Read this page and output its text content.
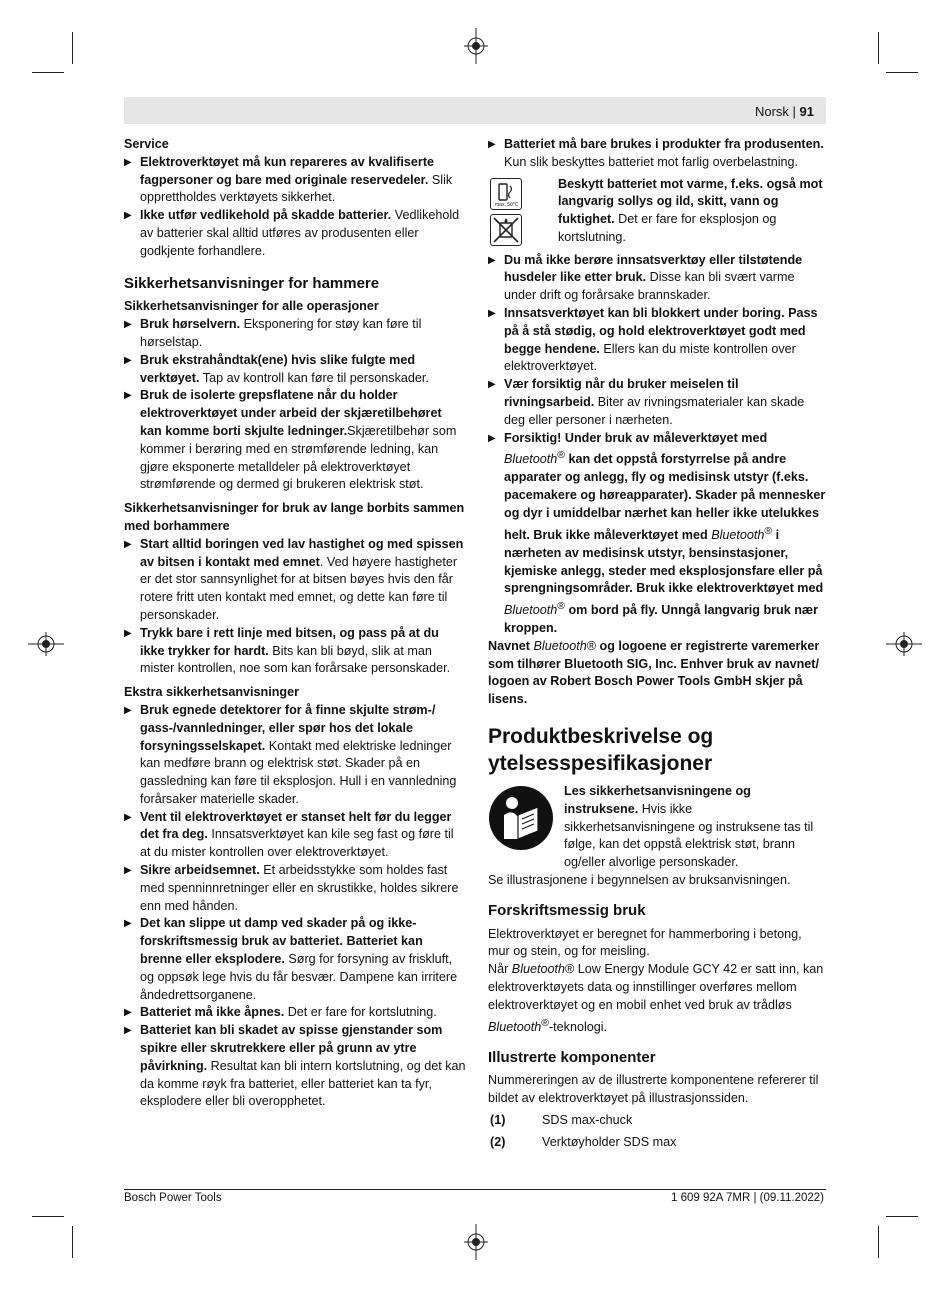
Norsk | 91

Service

▶ Elektroverktøyet må kun repareres av kvalifiserte fagpersoner og bare med originale reservedeler. Slik opprettholdes verktøyets sikkerhet.
▶ Ikke utfør vedlikehold på skadde batterier. Vedlikehold av batterier skal alltid utføres av produsenten eller godkjente forhandlere.

Sikkerhetsanvisninger for hammere

Sikkerhetsanvisninger for alle operasjoner

▶ Bruk hørselvern. Eksponering for støy kan føre til hørselstap.
▶ Bruk ekstrahåndtak(ene) hvis slike fulgte med verktøyet. Tap av kontroll kan føre til personskader.
▶ Bruk de isolerte grepsflatene når du holder elektroverktøyet under arbeid der skjæretilbehøret kan komme borti skjulte ledninger.Skjæretilbehør som kommer i berøring med en strømførende ledning, kan gjøre eksponerte metalldeler på elektroverktøyet strømførende og dermed gi brukeren elektrisk støt.

Sikkerhetsanvisninger for bruk av lange borbits sammen med borhammere

▶ Start alltid boringen ved lav hastighet og med spissen av bitsen i kontakt med emnet. Ved høyere hastigheter er det stor sannsynlighet for at bitsen bøyes hvis den får rotere fritt uten kontakt med emnet, og dette kan føre til personskader.
▶ Trykk bare i rett linje med bitsen, og pass på at du ikke trykker for hardt. Bits kan bli bøyd, slik at man mister kontrollen, noe som kan forårsake personskader.

Ekstra sikkerhetsanvisninger

▶ Bruk egnede detektorer for å finne skjulte strøm-/ gass-/vannledninger, eller spør hos det lokale forsyningsselskapet. Kontakt med elektriske ledninger kan medføre brann og elektrisk støt. Skader på en gassledning kan føre til eksplosjon. Hull i en vannledning forårsaker materielle skader.
▶ Vent til elektroverktøyet er stanset helt før du legger det fra deg. Innsatsverktøyet kan kile seg fast og føre til at du mister kontrollen over elektroverktøyet.
▶ Sikre arbeidsemnet. Et arbeidsstykke som holdes fast med spenninnretninger eller en skrustikke, holdes sikrere enn med hånden.
▶ Det kan slippe ut damp ved skader på og ikke-forskriftsmessig bruk av batteriet. Batteriet kan brenne eller eksplodere. Sørg for forsyning av friskluft, og oppsøk lege hvis du får besvær. Dampene kan irritere åndedrettsorganene.
▶ Batteriet må ikke åpnes. Det er fare for kortslutning.
▶ Batteriet kan bli skadet av spisse gjenstander som spikre eller skrutrekkere eller på grunn av ytre påvirkning. Resultat kan bli intern kortslutning, og det kan da komme røyk fra batteriet, eller batteriet kan ta fyr, eksplodere eller bli overopphetet.
▶ Batteriet må bare brukes i produkter fra produsenten. Kun slik beskyttes batteriet mot farlig overbelastning.
max. 50°C
Beskytt batteriet mot varme, f.eks. også mot langvarig sollys og ild, skitt, vann og fuktighet. Det er fare for eksplosjon og kortslutning.
▶ Du må ikke berøre innsatsverktøy eller tilstøtende husdeler like etter bruk. Disse kan bli svært varme under drift og forårsake brannskader.
▶ Innsatsverktøyet kan bli blokkert under boring. Pass på å stå stødig, og hold elektroverktøyet godt med begge hendene. Ellers kan du miste kontrollen over elektroverktøyet.
▶ Vær forsiktig når du bruker meiselen til rivningsarbeid. Biter av rivningsmaterialer kan skade deg eller personer i nærheten.
▶ Forsiktig! Under bruk av måleverktøyet med Bluetooth® kan det oppstå forstyrrelse på andre apparater og anlegg, fly og medisinsk utstyr (f.eks. pacemakere og høreapparater). Skader på mennesker og dyr i umiddelbar nærhet kan heller ikke utelukkes helt. Bruk ikke måleverktøyet med Bluetooth® i nærheten av medisinsk utstyr, bensinstasjoner, kjemiske anlegg, steder med eksplosjonsfare eller på sprengningsområder. Bruk ikke elektroverktøyet med Bluetooth® om bord på fly. Unngå langvarig bruk nær kroppen.

Navnet Bluetooth® og logoene er registrerte varemerker som tilhører Bluetooth SIG, Inc. Enhver bruk av navnet/ logoen av Robert Bosch Power Tools GmbH skjer på lisens.

Produktbeskrivelse og ytelsesspesifikasjoner

Les sikkerhetsanvisningene og instruksene. Hvis ikke sikkerhetsanvisningene og instruksene tas til følge, kan det oppstå elektrisk støt, brann og/eller alvorlige personskader.

Se illustrasjonene i begynnelsen av bruksanvisningen.

Forskriftsmessig bruk

Elektroverktøyet er beregnet for hammerboring i betong, mur og stein, og for meisling.

Når Bluetooth® Low Energy Module GCY 42 er satt inn, kan elektroverktøyets data og innstillinger overføres mellom elektroverktøyet og en mobil enhet ved bruk av trådløs Bluetooth®-teknologi.

Illustrerte komponenter

Nummereringen av de illustrerte komponentene refererer til bildet av elektroverktøyet på illustrasjonssiden.

(1)	SDS max-chuck
(2)	Verktøyholder SDS max
Bosch Power Tools	1 609 92A 7MR | (09.11.2022)
